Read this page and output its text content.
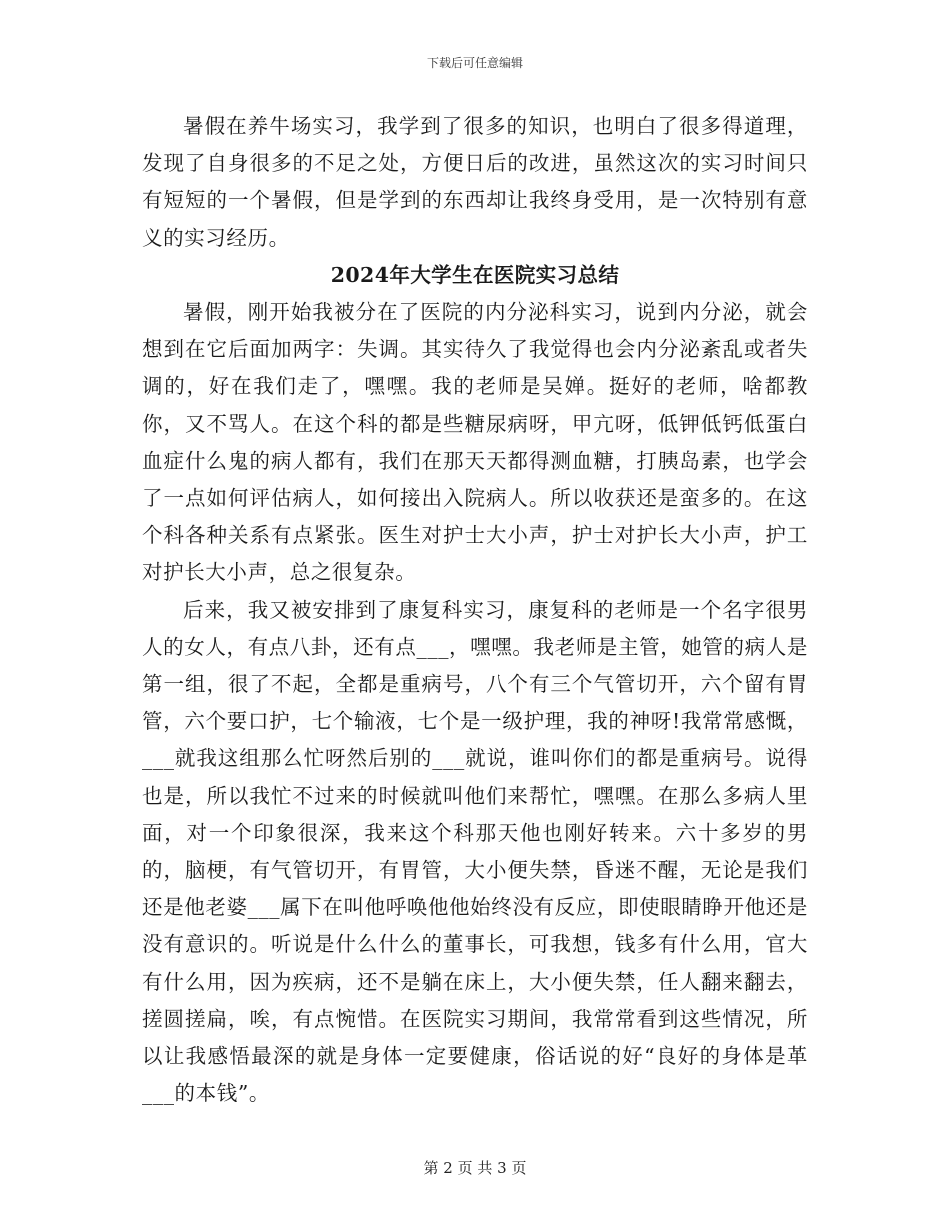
下载后可任意编辑

暑假在养牛场实习，我学到了很多的知识，也明白了很多得道理，发现了自身很多的不足之处，方便日后的改进，虽然这次的实习时间只有短短的一个暑假，但是学到的东西却让我终身受用，是一次特别有意义的实习经历。

2024年大学生在医院实习总结

暑假，刚开始我被分在了医院的内分泌科实习，说到内分泌，就会想到在它后面加两字：失调。其实待久了我觉得也会内分泌紊乱或者失调的，好在我们走了，嘿嘿。我的老师是吴婵。挺好的老师，啥都教你，又不骂人。在这个科的都是些糖尿病呀，甲亢呀，低钾低钙低蛋白血症什么鬼的病人都有，我们在那天天都得测血糖，打胰岛素，也学会了一点如何评估病人，如何接出入院病人。所以收获还是蛮多的。在这个科各种关系有点紧张。医生对护士大小声，护士对护长大小声，护工对护长大小声，总之很复杂。

后来，我又被安排到了康复科实习，康复科的老师是一个名字很男人的女人，有点八卦，还有点___，嘿嘿。我老师是主管，她管的病人是第一组，很了不起，全都是重病号，八个有三个气管切开，六个留有胃管，六个要口护，七个输液，七个是一级护理，我的神呀!我常常感慨，___就我这组那么忙呀然后别的___就说，谁叫你们的都是重病号。说得也是，所以我忙不过来的时候就叫他们来帮忙，嘿嘿。在那么多病人里面，对一个印象很深，我来这个科那天他也刚好转来。六十多岁的男的，脑梗，有气管切开，有胃管，大小便失禁，昏迷不醒，无论是我们还是他老婆___属下在叫他呼唤他他始终没有反应，即使眼睛睁开他还是没有意识的。听说是什么什么的董事长，可我想，钱多有什么用，官大有什么用，因为疾病，还不是躺在床上，大小便失禁，任人翻来翻去，搓圆搓扁，唉，有点惋惜。在医院实习期间，我常常看到这些情况，所以让我感悟最深的就是身体一定要健康，俗话说的好“良好的身体是革___的本钱”。

第 2 页 共 3 页
